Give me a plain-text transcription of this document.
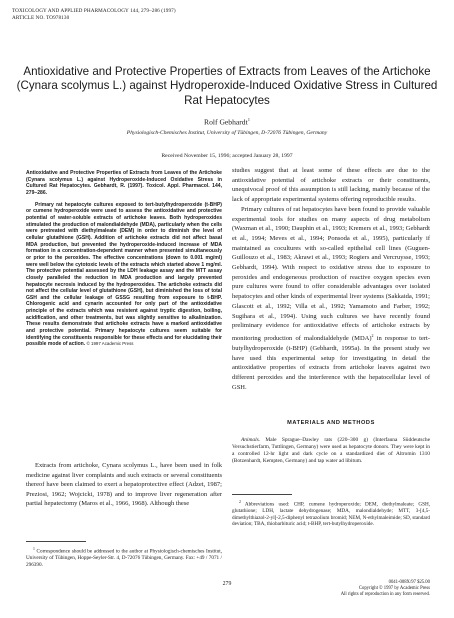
TOXICOLOGY AND APPLIED PHARMACOLOGY 144, 279–286 (1997)
ARTICLE NO. TO978130
Antioxidative and Protective Properties of Extracts from Leaves of the Artichoke (Cynara scolymus L.) against Hydroperoxide-Induced Oxidative Stress in Cultured Rat Hepatocytes
Rolf Gebhardt$^1$
Physiologisch-Chemisches Institut, University of Tübingen, D-72076 Tübingen, Germany
Received November 15, 1996; accepted January 28, 1997

Antioxidative and Protective Properties of Extracts from Leaves of the Artichoke (Cynara scolymus L.) against Hydroperoxide-Induced Oxidative Stress in Cultured Rat Hepatocytes. Gebhardt, R. (1997). Toxicol. Appl. Pharmacol. 144, 279–286.

Primary rat hepatocyte cultures exposed to tert-butylhydroperoxide (t-BHP) or cumene hydroperoxide were used to assess the antioxidative and protective potential of water-soluble extracts of artichoke leaves. Both hydroperoxides stimulated the production of malondialdehyde (MDA), particularly when the cells were pretreated with diethylmaleate (DEM) in order to diminish the level of cellular glutathione (GSH). Addition of artichoke extracts did not affect basal MDA production, but prevented the hydroperoxide-induced increase of MDA formation in a concentration-dependent manner when presented simultaneously or prior to the peroxides. The effective concentrations (down to 0.001 mg/ml) were well below the cytotoxic levels of the extracts which started above 1 mg/ml. The protective potential assessed by the LDH leakage assay and the MTT assay closely paralleled the reduction in MDA production and largely prevented hepatocyte necrosis induced by the hydroperoxides. The artichoke extracts did not affect the cellular level of glutathione (GSH), but diminished the loss of total GSH and the cellular leakage of GSSG resulting from exposure to t-BHP. Chlorogenic acid and cynarin accounted for only part of the antioxidative principle of the extracts which was resistent against tryptic digestion, boiling, acidification, and other treatments, but was slightly sensitive to alkalinization. These results demonstrate that artichoke extracts have a marked antioxidative and protective potential. Primary hepatocyte cultures seem suitable for identifying the constituents responsible for these effects and for elucidating their possible mode of action. © 1997 Academic Press

Extracts from artichoke, Cynara scolymus L., have been used in folk medicine against liver complaints and such extracts or several constituents thereof have been claimed to exert a hepatoprotective effect (Adzet, 1987; Preziosi, 1962; Wojcicki, 1978) and to improve liver regeneration after partial hepatectomy (Maros et al., 1966, 1968). Although these

$^1$ Correspondence should be addressed to the author at Physiologisch-chemisches Institut, University of Tübingen, Hoppe-Seyler-Str. 4, D-72076 Tübingen, Germany. Fax: +49 / 7071 / 296390.

studies suggest that at least some of these effects are due to the antioxidative potential of artichoke extracts or their constituents, unequivocal proof of this assumption is still lacking, mainly because of the lack of appropriate experimental systems offering reproducible results.

Primary cultures of rat hepatocytes have been found to provide valuable experimental tools for studies on many aspects of drug metabolism (Waxman et al., 1990; Dauphin et al., 1993; Kremers et al., 1993; Gebhardt et al., 1994; Meves et al., 1994; Ponsoda et al., 1995), particularly if maintained as cocultures with so-called epithelial cell lines (Guguen-Guillouzo et al., 1983; Akrawi et al., 1993; Rogiers and Vercruysse, 1993; Gebhardt, 1994). With respect to oxidative stress due to exposure to peroxides and endogeneous production of reactive oxygen species even pure cultures were found to offer considerable advantages over isolated hepatocytes and other kinds of experimental liver systems (Sakkaida, 1991; Glascott et al., 1992; Villa et al., 1992; Yamamoto and Farber, 1992; Sugihara et al., 1994). Using such cultures we have recently found preliminary evidence for antioxidative effects of artichoke extracts by monitoring production of malondialdehyde (MDA)$^2$ in response to tert-butylhydroperoxide (t-BHP) (Gebhardt, 1995a). In the present study we have used this experimental setup for investigating in detail the antioxidative properties of extracts from artichoke leaves against two different peroxides and the interference with the hepatocellular level of GSH.

MATERIALS AND METHODS

Animals. Male Sprague–Dawley rats (220–300 g) (Interfauna Süddeutsche Versuchstierfarm, Tuttlingen, Germany) were used as hepatocyte donors. They were kept in a controlled 12-hr light and dark cycle on a standardized diet of Altromin 1310 (Botzenhardt, Kempten, Germany) and tap water ad libitum.

$^2$ Abbreviations used: CHP, cumene hydroperoxide; DEM, diethylmaleate; GSH, glutathione; LDH, lactate dehydrogenase; MDA, malondialdehyde; MTT, 3-[4,5-dimethylthiazol-2-yl]-2,5-diphenyl tetrazolium bromid; NEM, N-ethylmaleimide; SD, standard deviation; TBA, thiobarbituric acid; t-BHP, tert-butylhydroperoxide.

279	0041-008X/97 $25.00
Copyright © 1997 by Academic Press
All rights of reproduction in any form reserved.
